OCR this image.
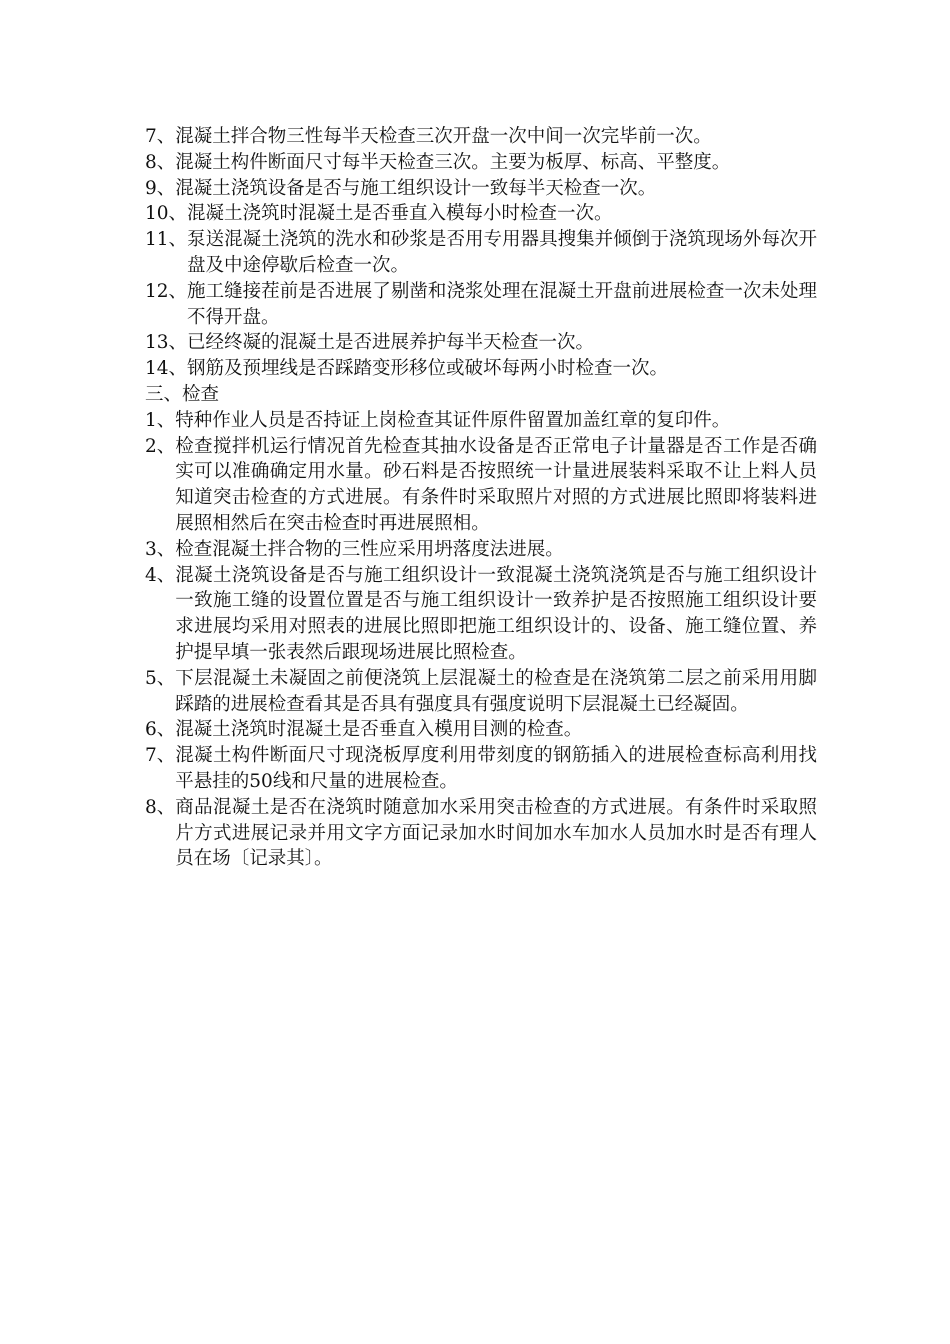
7、 混凝土拌合物三性每半天检查三次开盘一次中间一次完毕前一次。
8、 混凝土构件断面尺寸每半天检查三次。主要为板厚、标高、平整度。
9、 混凝土浇筑设备是否与施工组织设计一致每半天检查一次。
10、 混凝土浇筑时混凝土是否垂直入模每小时检查一次。
11、 泵送混凝土浇筑的洗水和砂浆是否用专用器具搜集并倾倒于浇筑现场外每次开盘及中途停歇后检查一次。
12、 施工缝接茬前是否进展了剔凿和浇浆处理在混凝土开盘前进展检查一次未处理不得开盘。
13、 已经终凝的混凝土是否进展养护每半天检查一次。
14、 钢筋及预埋线是否踩踏变形移位或破坏每两小时检查一次。
三、检查
1、 特种作业人员是否持证上岗检查其证件原件留置加盖红章的复印件。
2、 检查搅拌机运行情况首先检查其抽水设备是否正常电子计量器是否工作是否确实可以准确确定用水量。砂石料是否按照统一计量进展装料采取不让上料人员知道突击检查的方式进展。有条件时采取照片对照的方式进展比照即将装料进展照相然后在突击检查时再进展照相。
3、 检查混凝土拌合物的三性应采用坍落度法进展。
4、 混凝土浇筑设备是否与施工组织设计一致混凝土浇筑浇筑是否与施工组织设计一致施工缝的设置位置是否与施工组织设计一致养护是否按照施工组织设计要求进展均采用对照表的进展比照即把施工组织设计的、设备、施工缝位置、养护提早填一张表然后跟现场进展比照检查。
5、 下层混凝土未凝固之前便浇筑上层混凝土的检查是在浇筑第二层之前采用用脚踩踏的进展检查看其是否具有强度具有强度说明下层混凝土已经凝固。
6、 混凝土浇筑时混凝土是否垂直入模用目测的检查。
7、 混凝土构件断面尺寸现浇板厚度利用带刻度的钢筋插入的进展检查标高利用找平悬挂的50线和尺量的进展检查。
8、 商品混凝土是否在浇筑时随意加水采用突击检查的方式进展。有条件时采取照片方式进展记录并用文字方面记录加水时间加水车加水人员加水时是否有理人员在场〔记录其〕。
